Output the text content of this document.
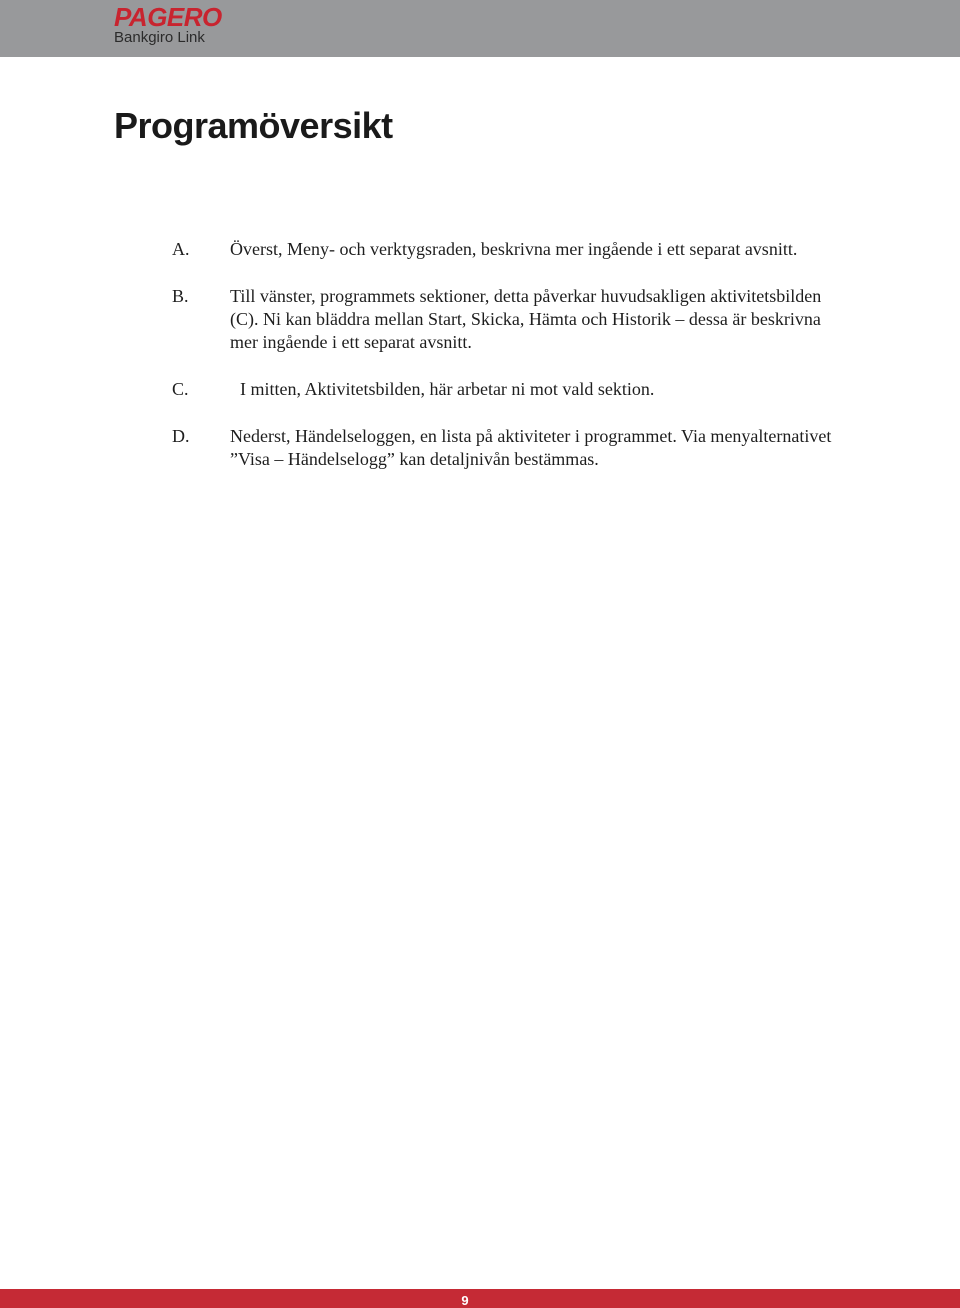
PAGERO
Bankgiro Link
Programöversikt
A.	Överst, Meny- och verktygsraden, beskrivna mer ingående i ett separat avsnitt.
B.	Till vänster, programmets sektioner, detta påverkar huvudsakligen aktivitetsbilden (C). Ni kan bläddra mellan Start, Skicka, Hämta och Historik – dessa är beskrivna mer ingående i ett separat avsnitt.
C.	I mitten, Aktivitetsbilden, här arbetar ni mot vald sektion.
D.	Nederst, Händelseloggen, en lista på aktiviteter i programmet. Via menyalternativet ”Visa – Händelselogg” kan detaljnivån bestämmas.
9
